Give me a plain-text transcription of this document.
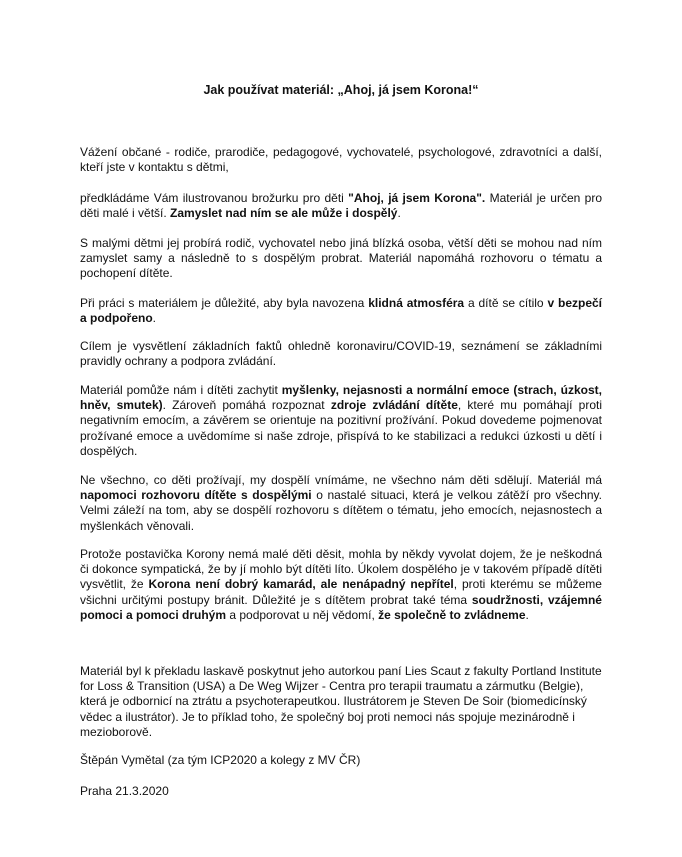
Jak používat materiál: „Ahoj, já jsem Korona!“

Vážení občané - rodiče, prarodiče, pedagogové, vychovatelé, psychologové, zdravotníci a další, kteří jste v kontaktu s dětmi,

předkládáme Vám ilustrovanou brožurku pro děti "Ahoj, já jsem Korona". Materiál je určen pro děti malé i větší. Zamyslet nad ním se ale může i dospělý.

S malými dětmi jej probírá rodič, vychovatel nebo jiná blízká osoba, větší děti se mohou nad ním zamyslet samy a následně to s dospělým probrat. Materiál napomáhá rozhovoru o tématu a pochopení dítěte.

Při práci s materiálem je důležité, aby byla navozena klidná atmosféra a dítě se cítilo v bezpečí a podpořeno.

Cílem je vysvětlení základních faktů ohledně koronaviru/COVID-19, seznámení se základními pravidly ochrany a podpora zvládání.

Materiál pomůže nám i dítěti zachytit myšlenky, nejasnosti a normální emoce (strach, úzkost, hněv, smutek). Zároveň pomáhá rozpoznat zdroje zvládání dítěte, které mu pomáhají proti negativním emocím, a závěrem se orientuje na pozitivní prožívání. Pokud dovedeme pojmenovat prožívané emoce a uvědomíme si naše zdroje, přispívá to ke stabilizaci a redukci úzkosti u dětí i dospělých.

Ne všechno, co děti prožívají, my dospělí vnímáme, ne všechno nám děti sdělují. Materiál má napomoci rozhovoru dítěte s dospělými o nastalé situaci, která je velkou zátěží pro všechny. Velmi záleží na tom, aby se dospělí rozhovoru s dítětem o tématu, jeho emocích, nejasnostech a myšlenkách věnovali.

Protože postavička Korony nemá malé děti děsit, mohla by někdy vyvolat dojem, že je neškodná či dokonce sympatická, že by jí mohlo být dítěti líto. Úkolem dospělého je v takovém případě dítěti vysvětlit, že Korona není dobrý kamarád, ale nenápadný nepřítel, proti kterému se můžeme všichni určitými postupy bránit. Důležité je s dítětem probrat také téma soudržnosti, vzájemné pomoci a pomoci druhým a podporovat u něj vědomí, že společně to zvládneme.

Materiál byl k překladu laskavě poskytnut jeho autorkou paní Lies Scaut z fakulty Portland Institute for Loss & Transition (USA) a De Weg Wijzer - Centra pro terapii traumatu a zármutku (Belgie), která je odbornicí na ztrátu a psychoterapeutkou. Ilustrátorem je Steven De Soir (biomedicínský vědec a ilustrátor). Je to příklad toho, že společný boj proti nemoci nás spojuje mezinárodně i mezioborově.

Štěpán Vymětal (za tým ICP2020 a kolegy z MV ČR)

Praha 21.3.2020
